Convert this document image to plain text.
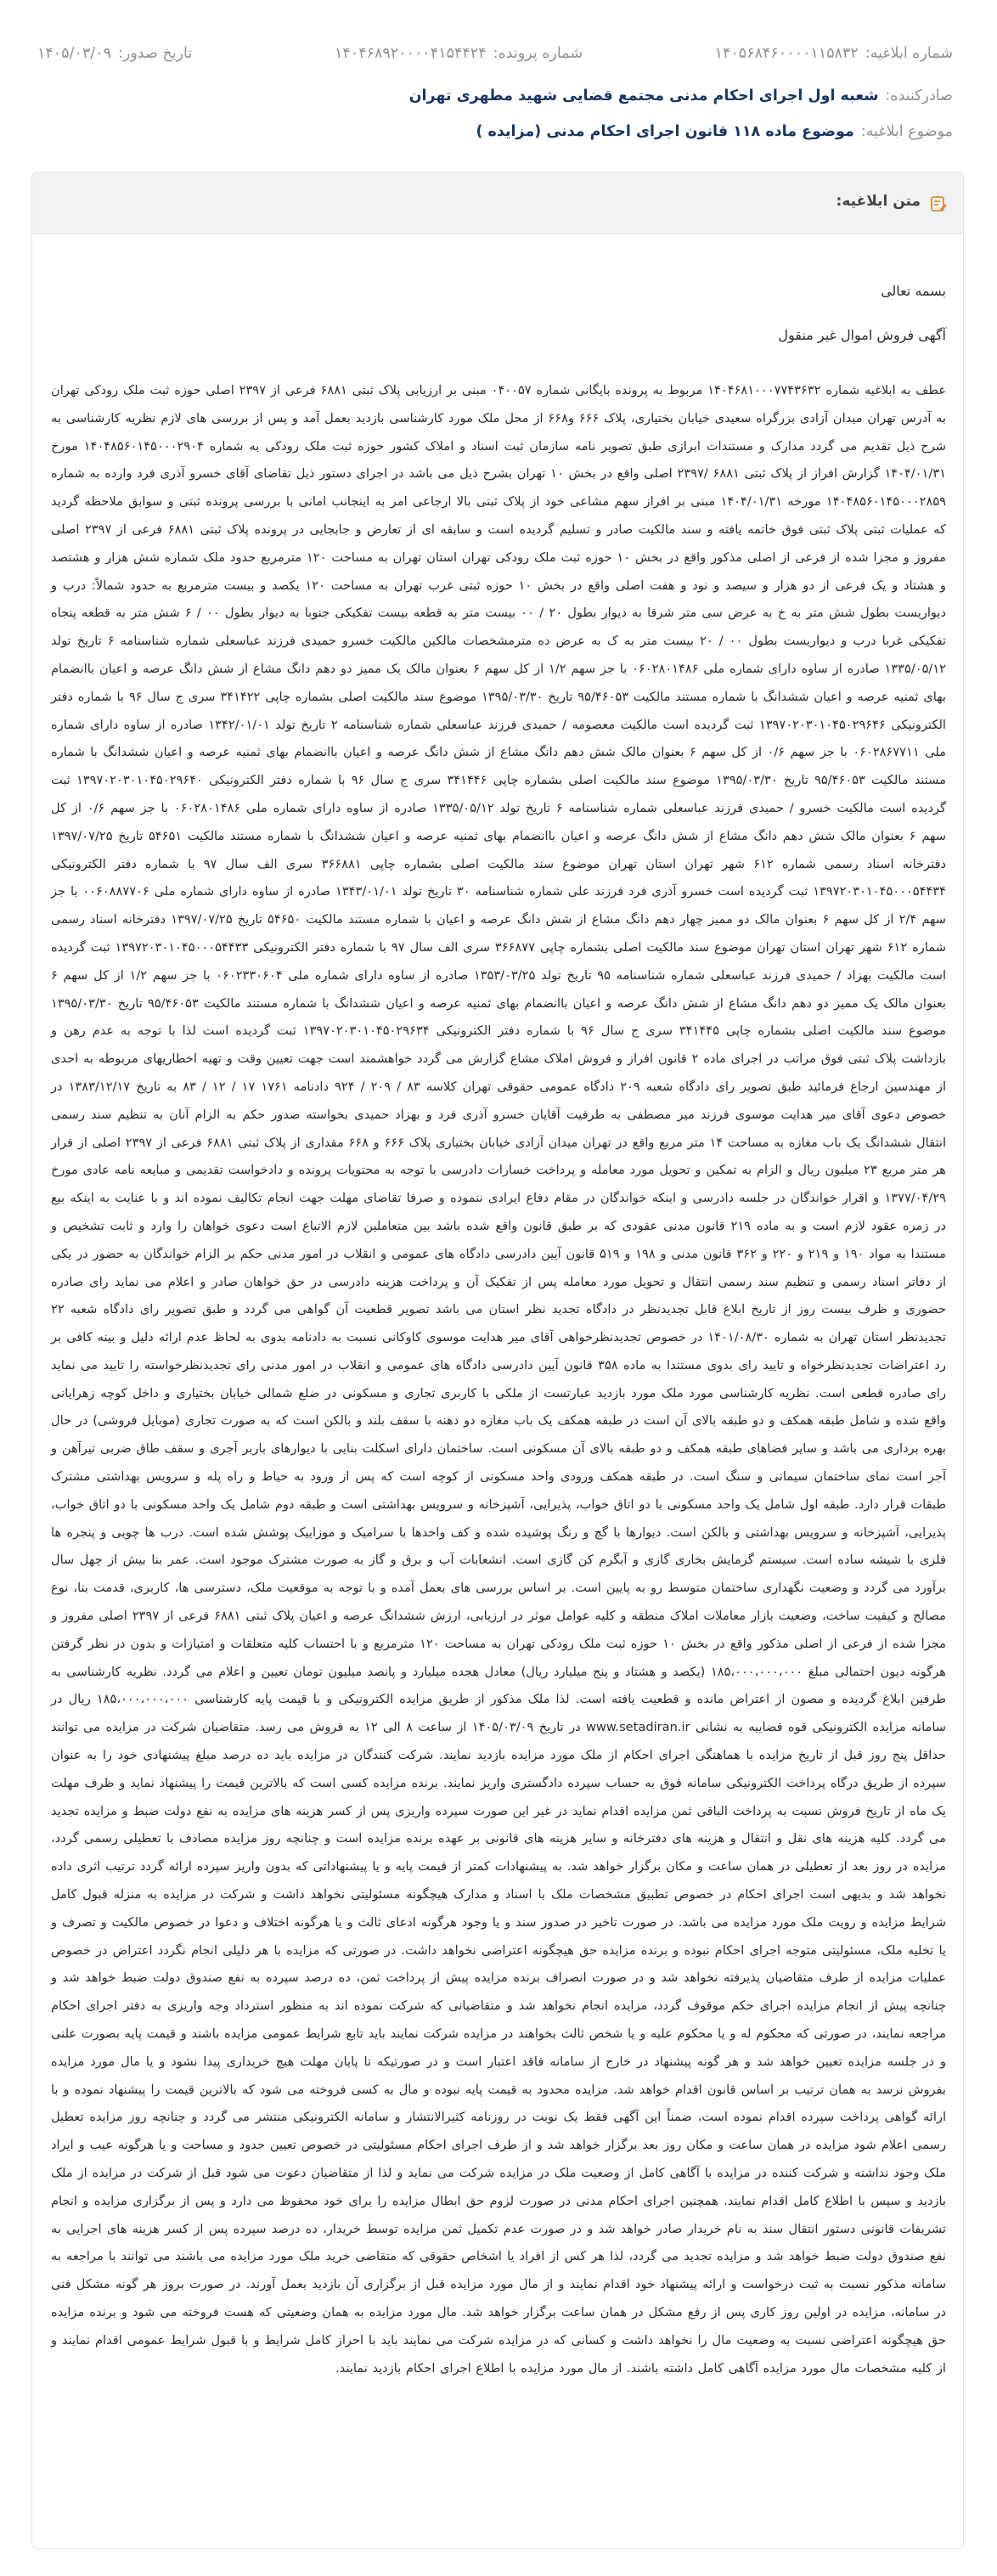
شماره ابلاغیه:
۱۴۰۵۶۸۴۶۰۰۰۰۱۱۵۸۳۲
شماره پرونده:
۱۴۰۴۶۸۹۲۰۰۰۰۴۱۵۴۴۲۴
تاریخ صدور:
۱۴۰۵/۰۳/۰۹
صادرکننده:
شعبه اول اجرای احکام مدنی مجتمع قضایی شهید مطهری تهران
موضوع ابلاغیه:
موضوع ماده ۱۱۸ قانون اجرای احکام مدنی (مزایده )
متن ابلاغیه:

بسمه تعالی

آگهی فروش اموال غیر منقول

عطف به ابلاغیه شماره ۱۴۰۴۶۸۱۰۰۰۷۷۴۳۶۳۲ مربوط به پرونده بایگانی شماره ۰۴۰۰۵۷ مبنی بر ارزیابی پلاک ثبتی ۶۸۸۱ فرعی از ۲۳۹۷ اصلی حوزه ثبت ملک رودکی تهران به آدرس تهران میدان آزادی بزرگراه سعیدی خیابان بختیاری، پلاک ۶۶۶ و۶۶۸ از محل ملک مورد کارشناسی بازدید بعمل آمد و پس از بررسی های لازم نظریه کارشناسی به شرح ذیل تقدیم می گردد مدارک و مستندات ابرازی طبق تصویر نامه سازمان ثبت اسناد و املاک کشور حوزه ثبت ملک رودکی به شماره ۱۴۰۴۸۵۶۰۱۴۵۰۰۰۲۹۰۴ مورخ ۱۴۰۴/۰۱/۳۱ گزارش افراز از پلاک ثبتی ۶۸۸۱ /۲۳۹۷ اصلی واقع در بخش ۱۰ تهران بشرح ذیل می باشد در اجرای دستور ذیل تقاضای آقای خسرو آذری فرد وارده به شماره ۱۴۰۴۸۵۶۰۱۴۵۰۰۰۲۸۵۹ مورخه ۱۴۰۴/۰۱/۳۱ مبنی بر افراز سهم مشاعی خود از پلاک ثبتی بالا ارجاعی امر به اینجانب امانی با بررسی پرونده ثبتی و سوابق ملاحظه گردید که عملیات ثبتی پلاک ثبتی فوق خاتمه یافته و سند مالکیت صادر و تسلیم گردیده است و سابقه ای از تعارض و جابجایی در پرونده پلاک ثبتی ۶۸۸۱ فرعی از ۲۳۹۷ اصلی مفروز و مجزا شده از فرعی از اصلی مذکور واقع در بخش ۱۰ حوزه ثبت ملک رودکی تهران استان تهران به مساحت ۱۲۰ مترمربع حدود ملک شماره شش هزار و هشتصد و هشتاد و یک فرعی از دو هزار و سیصد و نود و هفت اصلی واقع در بخش ۱۰ حوزه ثبتی غرب تهران به مساحت ۱۲۰ یکصد و بیست مترمربع به حدود شمالاً: درب و دیواریست بطول شش متر به خ به عرض سی متر شرقا به دیوار بطول ۲۰ / ۰۰ بیست متر به قطعه بیست تفکیکی جنوبا به دیوار بطول ۰۰ / ۶ شش متر به قطعه پنجاه تفکیکی غربا درب و دیواریست بطول ۰۰ / ۲۰ بیست متر به ک به عرض ده مترمشخصات مالکین مالکیت خسرو حمیدی فرزند عباسعلی شماره شناسنامه ۶ تاریخ تولد ۱۳۳۵/۰۵/۱۲ صادره از ساوه دارای شماره ملی ۰۶۰۲۸۰۱۴۸۶ با جز سهم ۱/۲ از کل سهم ۶ بعنوان مالک یک ممیز دو دهم دانگ مشاع از شش دانگ عرصه و اعیان باانضمام بهای ثمنیه عرصه و اعیان ششدانگ با شماره مستند مالکیت ۹۵/۴۶۰۵۳ تاریخ ۱۳۹۵/۰۳/۳۰ موضوع سند مالکیت اصلی بشماره چاپی ۳۴۱۴۲۲ سری ج سال ۹۶ با شماره دفتر الکترونیکی ۱۳۹۷۰۲۰۳۰۱۰۴۵۰۲۹۶۴۶ ثبت گردیده است مالکیت معصومه / حمیدی فرزند عباسعلی شماره شناسنامه ۲ تاریخ تولد ۱۳۴۲/۰۱/۰۱ صادره از ساوه دارای شماره ملی ۰۶۰۲۸۶۷۷۱۱ با جز سهم ۰/۶ از کل سهم ۶ بعنوان مالک شش دهم دانگ مشاع از شش دانگ عرصه و اعیان باانضمام بهای ثمنیه عرصه و اعیان ششدانگ با شماره مستند مالکیت ۹۵/۴۶۰۵۳ تاریخ ۱۳۹۵/۰۳/۳۰ موضوع سند مالکیت اصلی بشماره چاپی ۳۴۱۴۴۶ سری ج سال ۹۶ با شماره دفتر الکترونیکی ۱۳۹۷۰۲۰۳۰۱۰۴۵۰۲۹۶۴۰ ثبت گردیده است مالکیت خسرو / حمیدی فرزند عباسعلی شماره شناسنامه ۶ تاریخ تولد ۱۳۳۵/۰۵/۱۲ صادره از ساوه دارای شماره ملی ۰۶۰۲۸۰۱۴۸۶ با جز سهم ۰/۶ از کل سهم ۶ بعنوان مالک شش دهم دانگ مشاع از شش دانگ عرصه و اعیان باانضمام بهای ثمنیه عرصه و اعیان ششدانگ با شماره مستند مالکیت ۵۴۶۵۱ تاریخ ۱۳۹۷/۰۷/۲۵ دفترخانه اسناد رسمی شماره ۶۱۲ شهر تهران استان تهران موضوع سند مالکیت اصلی بشماره چاپی ۳۶۶۸۸۱ سری الف سال ۹۷ با شماره دفتر الکترونیکی ۱۳۹۷۲۰۳۰۱۰۴۵۰۰۰۵۴۴۳۴ ثبت گردیده است خسرو آذری فرد فرزند علی شماره شناسنامه ۳۰ تاریخ تولد ۱۳۴۳/۰۱/۰۱ صادره از ساوه دارای شماره ملی ۰۰۶۰۸۸۷۷۰۶ با جز سهم ۲/۴ از کل سهم ۶ بعنوان مالک دو ممیز چهار دهم دانگ مشاع از شش دانگ عرصه و اعیان با شماره مستند مالکیت ۵۴۶۵۰ تاریخ ۱۳۹۷/۰۷/۲۵ دفترخانه اسناد رسمی شماره ۶۱۲ شهر تهران استان تهران موضوع سند مالکیت اصلی بشماره چاپی ۳۶۶۸۷۷ سری الف سال ۹۷ با شماره دفتر الکترونیکی ۱۳۹۷۲۰۳۰۱۰۴۵۰۰۰۵۴۴۳۳ ثبت گردیده است مالکیت بهزاد / حمیدی فرزند عباسعلی شماره شناسنامه ۹۵ تاریخ تولد ۱۳۵۳/۰۳/۲۵ صادره از ساوه دارای شماره ملی ۰۶۰۲۳۳۰۶۰۴ با جز سهم ۱/۲ از کل سهم ۶ بعنوان مالک یک ممیز دو دهم دانگ مشاع از شش دانگ عرصه و اعیان باانضمام بهای ثمنیه عرصه و اعیان ششدانگ با شماره مستند مالکیت ۹۵/۴۶۰۵۳ تاریخ ۱۳۹۵/۰۳/۳۰ موضوع سند مالکیت اصلی بشماره چاپی ۳۴۱۴۴۵ سری ج سال ۹۶ با شماره دفتر الکترونیکی ۱۳۹۷۰۲۰۳۰۱۰۴۵۰۲۹۶۳۴ ثبت گردیده است لذا با توجه به عدم رهن و بازداشت پلاک ثبتی فوق مراتب در اجرای ماده ۲ قانون افراز و فروش املاک مشاع گزارش می گردد خواهشمند است جهت تعیین وقت و تهیه اخطاریهای مربوطه به احدی از مهندسین ارجاع فرمائید طبق تصویر رای دادگاه شعبه ۲۰۹ دادگاه عمومی حقوقی تهران کلاسه ۸۳ / ۲۰۹ / ۹۲۴ دادنامه ۱۷۶۱ ۱۷ / ۱۲ / ۸۳ به تاریخ ۱۳۸۳/۱۲/۱۷ در خصوص دعوی آقای میر هدایت موسوی فرزند میر مصطفی به طرفیت آقایان خسرو آذری فرد و بهزاد حمیدی بخواسته صدور حکم به الزام آنان به تنظیم سند رسمی انتقال ششدانگ یک باب مغازه به مساحت ۱۴ متر مربع واقع در تهران میدان آزادی خیابان بختیاری پلاک ۶۶۶ و ۶۶۸ مقداری از پلاک ثبتی ۶۸۸۱ فرعی از ۲۳۹۷ اصلی از قرار هر متر مربع ۲۳ میلیون ریال و الزام به تمکین و تحویل مورد معامله و پرداخت خسارات دادرسی با توجه به محتویات پرونده و دادخواست تقدیمی و مبایعه نامه عادی مورخ ۱۳۷۷/۰۴/۲۹ و اقرار خواندگان در جلسه دادرسی و اینکه خواندگان در مقام دفاع ایرادی ننموده و صرفا تقاضای مهلت جهت انجام تکالیف نموده اند و با عنایت به اینکه بیع در زمره عقود لازم است و به ماده ۲۱۹ قانون مدنی عقودی که بر طبق قانون واقع شده باشد بین متعاملین لازم الاتباع است دعوی خواهان را وارد و ثابت تشخیص و مستندا به مواد ۱۹۰ و ۲۱۹ و ۲۲۰ و ۳۶۲ قانون مدنی و ۱۹۸ و ۵۱۹ قانون آیین دادرسی دادگاه های عمومی و انقلاب در امور مدنی حکم بر الزام خواندگان به حضور در یکی از دفاتر اسناد رسمی و تنظیم سند رسمی انتقال و تحویل مورد معامله پس از تفکیک آن و پرداخت هزینه دادرسی در حق خواهان صادر و اعلام می نماید رای صادره حضوری و ظرف بیست روز از تاریخ ابلاغ قابل تجدیدنظر در دادگاه تجدید نظر استان می باشد تصویر قطعیت آن گواهی می گردد و طبق تصویر رای دادگاه شعبه ۲۲ تجدیدنظر استان تهران به شماره ۱۴۰۱/۰۸/۳۰ در خصوص تجدیدنظرخواهی آقای میر هدایت موسوی کاوکانی نسبت به دادنامه بدوی به لحاظ عدم ارائه دلیل و بینه کافی بر رد اعتراضات تجدیدنظرخواه و تایید رای بدوی مستندا به ماده ۳۵۸ قانون آیین دادرسی دادگاه های عمومی و انقلاب در امور مدنی رای تجدیدنظرخواسته را تایید می نماید رای صادره قطعی است. نظریه کارشناسی مورد ملک مورد بازدید عبارتست از ملکی با کاربری تجاری و مسکونی در ضلع شمالی خیابان بختیاری و داخل کوچه زهرایانی واقع شده و شامل طبقه همکف و دو طبقه بالای آن است در طبقه همکف یک باب مغازه دو دهنه با سقف بلند و بالکن است که به صورت تجاری (موبایل فروشی) در حال بهره برداری می باشد و سایر فضاهای طبقه همکف و دو طبقه بالای آن مسکونی است. ساختمان دارای اسکلت بنایی با دیوارهای باربر آجری و سقف طاق ضربی تیرآهن و آجر است نمای ساختمان سیمانی و سنگ است. در طبقه همکف ورودی واحد مسکونی از کوچه است که پس از ورود به حیاط و راه پله و سرویس بهداشتی مشترک طبقات قرار دارد. طبقه اول شامل یک واحد مسکونی با دو اتاق خواب، پذیرایی، آشپزخانه و سرویس بهداشتی است و طبقه دوم شامل یک واحد مسکونی با دو اتاق خواب، پذیرایی، آشپزخانه و سرویس بهداشتی و بالکن است. دیوارها با گچ و رنگ پوشیده شده و کف واحدها با سرامیک و موزاییک پوشش شده است. درب ها چوبی و پنجره ها فلزی با شیشه ساده است. سیستم گرمایش بخاری گازی و آبگرم کن گازی است. انشعابات آب و برق و گاز به صورت مشترک موجود است. عمر بنا بیش از چهل سال برآورد می گردد و وضعیت نگهداری ساختمان متوسط رو به پایین است. بر اساس بررسی های بعمل آمده و با توجه به موقعیت ملک، دسترسی ها، کاربری، قدمت بنا، نوع مصالح و کیفیت ساخت، وضعیت بازار معاملات املاک منطقه و کلیه عوامل موثر در ارزیابی، ارزش ششدانگ عرصه و اعیان پلاک ثبتی ۶۸۸۱ فرعی از ۲۳۹۷ اصلی مفروز و مجزا شده از فرعی از اصلی مذکور واقع در بخش ۱۰ حوزه ثبت ملک رودکی تهران به مساحت ۱۲۰ مترمربع و با احتساب کلیه متعلقات و امتیازات و بدون در نظر گرفتن هرگونه دیون احتمالی مبلغ ۱۸۵،۰۰۰،۰۰۰،۰۰۰ (یکصد و هشتاد و پنج میلیارد ریال) معادل هجده میلیارد و پانصد میلیون تومان تعیین و اعلام می گردد. نظریه کارشناسی به طرفین ابلاغ گردیده و مصون از اعتراض مانده و قطعیت یافته است. لذا ملک مذکور از طریق مزایده الکترونیکی و با قیمت پایه کارشناسی ۱۸۵،۰۰۰،۰۰۰،۰۰۰ ریال در سامانه مزایده الکترونیکی قوه قضاییه به نشانی www.setadiran.ir در تاریخ ۱۴۰۵/۰۳/۰۹ از ساعت ۸ الی ۱۲ به فروش می رسد. متقاضیان شرکت در مزایده می توانند حداقل پنج روز قبل از تاریخ مزایده با هماهنگی اجرای احکام از ملک مورد مزایده بازدید نمایند. شرکت کنندگان در مزایده باید ده درصد مبلغ پیشنهادی خود را به عنوان سپرده از طریق درگاه پرداخت الکترونیکی سامانه فوق به حساب سپرده دادگستری واریز نمایند. برنده مزایده کسی است که بالاترین قیمت را پیشنهاد نماید و ظرف مهلت یک ماه از تاریخ فروش نسبت به پرداخت الباقی ثمن مزایده اقدام نماید در غیر این صورت سپرده واریزی پس از کسر هزینه های مزایده به نفع دولت ضبط و مزایده تجدید می گردد. کلیه هزینه های نقل و انتقال و هزینه های دفترخانه و سایر هزینه های قانونی بر عهده برنده مزایده است و چنانچه روز مزایده مصادف با تعطیلی رسمی گردد، مزایده در روز بعد از تعطیلی در همان ساعت و مکان برگزار خواهد شد. به پیشنهادات کمتر از قیمت پایه و یا پیشنهاداتی که بدون واریز سپرده ارائه گردد ترتیب اثری داده نخواهد شد و بدیهی است اجرای احکام در خصوص تطبیق مشخصات ملک با اسناد و مدارک هیچگونه مسئولیتی نخواهد داشت و شرکت در مزایده به منزله قبول کامل شرایط مزایده و رویت ملک مورد مزایده می باشد. در صورت تاخیر در صدور سند و یا وجود هرگونه ادعای ثالث و یا هرگونه اختلاف و دعوا در خصوص مالکیت و تصرف و یا تخلیه ملک، مسئولیتی متوجه اجرای احکام نبوده و برنده مزایده حق هیچگونه اعتراضی نخواهد داشت. در صورتی که مزایده با هر دلیلی انجام نگردد اعتراض در خصوص عملیات مزایده از طرف متقاضیان پذیرفته نخواهد شد و در صورت انصراف برنده مزایده پیش از پرداخت ثمن، ده درصد سپرده به نفع صندوق دولت ضبط خواهد شد و چنانچه پیش از انجام مزایده اجرای حکم موقوف گردد، مزایده انجام نخواهد شد و متقاضیانی که شرکت نموده اند به منظور استرداد وجه واریزی به دفتر اجرای احکام مراجعه نمایند، در صورتی که محکوم له و یا محکوم علیه و یا شخص ثالث بخواهند در مزایده شرکت نمایند باید تابع شرایط عمومی مزایده باشند و قیمت پایه بصورت علنی و در جلسه مزایده تعیین خواهد شد و هر گونه پیشنهاد در خارج از سامانه فاقد اعتبار است و در صورتیکه تا پایان مهلت هیچ خریداری پیدا نشود و یا مال مورد مزایده بفروش نرسد به همان ترتیب بر اساس قانون اقدام خواهد شد. مزایده محدود به قیمت پایه نبوده و مال به کسی فروخته می شود که بالاترین قیمت را پیشنهاد نموده و با ارائه گواهی پرداخت سپرده اقدام نموده است، ضمناً این آگهی فقط یک نوبت در روزنامه کثیرالانتشار و سامانه الکترونیکی منتشر می گردد و چنانچه روز مزایده تعطیل رسمی اعلام شود مزایده در همان ساعت و مکان روز بعد برگزار خواهد شد و از طرف اجرای احکام مسئولیتی در خصوص تعیین حدود و مساحت و یا هرگونه عیب و ایراد ملک وجود نداشته و شرکت کننده در مزایده با آگاهی کامل از وضعیت ملک در مزایده شرکت می نماید و لذا از متقاضیان دعوت می شود قبل از شرکت در مزایده از ملک بازدید و سپس با اطلاع کامل اقدام نمایند. همچنین اجرای احکام مدنی در صورت لزوم حق ابطال مزایده را برای خود محفوظ می دارد و پس از برگزاری مزایده و انجام تشریفات قانونی دستور انتقال سند به نام خریدار صادر خواهد شد و در صورت عدم تکمیل ثمن مزایده توسط خریدار، ده درصد سپرده پس از کسر هزینه های اجرایی به نفع صندوق دولت ضبط خواهد شد و مزایده تجدید می گردد، لذا هر کس از افراد یا اشخاص حقوقی که متقاضی خرید ملک مورد مزایده می باشند می توانند با مراجعه به سامانه مذکور نسبت به ثبت درخواست و ارائه پیشنهاد خود اقدام نمایند و از مال مورد مزایده قبل از برگزاری آن بازدید بعمل آورند. در صورت بروز هر گونه مشکل فنی در سامانه، مزایده در اولین روز کاری پس از رفع مشکل در همان ساعت برگزار خواهد شد. مال مورد مزایده به همان وضعیتی که هست فروخته می شود و برنده مزایده حق هیچگونه اعتراضی نسبت به وضعیت مال را نخواهد داشت و کسانی که در مزایده شرکت می نمایند باید با احراز کامل شرایط و با قبول شرایط عمومی اقدام نمایند و از کلیه مشخصات مال مورد مزایده آگاهی کامل داشته باشند. از مال مورد مزایده با اطلاع اجرای احکام بازدید نمایند.
